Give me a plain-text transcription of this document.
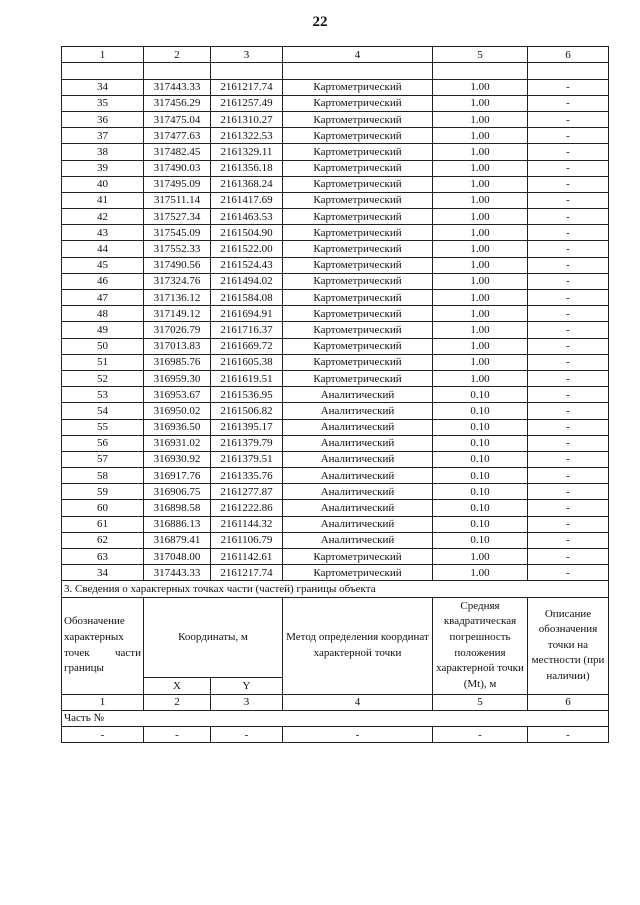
22
1	2	3	4	5	6

34	317443.33	2161217.74	Картометрический	1.00	-
35	317456.29	2161257.49	Картометрический	1.00	-
36	317475.04	2161310.27	Картометрический	1.00	-
37	317477.63	2161322.53	Картометрический	1.00	-
38	317482.45	2161329.11	Картометрический	1.00	-
39	317490.03	2161356.18	Картометрический	1.00	-
40	317495.09	2161368.24	Картометрический	1.00	-
41	317511.14	2161417.69	Картометрический	1.00	-
42	317527.34	2161463.53	Картометрический	1.00	-
43	317545.09	2161504.90	Картометрический	1.00	-
44	317552.33	2161522.00	Картометрический	1.00	-
45	317490.56	2161524.43	Картометрический	1.00	-
46	317324.76	2161494.02	Картометрический	1.00	-
47	317136.12	2161584.08	Картометрический	1.00	-
48	317149.12	2161694.91	Картометрический	1.00	-
49	317026.79	2161716.37	Картометрический	1.00	-
50	317013.83	2161669.72	Картометрический	1.00	-
51	316985.76	2161605.38	Картометрический	1.00	-
52	316959.30	2161619.51	Картометрический	1.00	-
53	316953.67	2161536.95	Аналитический	0.10	-
54	316950.02	2161506.82	Аналитический	0.10	-
55	316936.50	2161395.17	Аналитический	0.10	-
56	316931.02	2161379.79	Аналитический	0.10	-
57	316930.92	2161379.51	Аналитический	0.10	-
58	316917.76	2161335.76	Аналитический	0.10	-
59	316906.75	2161277.87	Аналитический	0.10	-
60	316898.58	2161222.86	Аналитический	0.10	-
61	316886.13	2161144.32	Аналитический	0.10	-
62	316879.41	2161106.79	Аналитический	0.10	-
63	317048.00	2161142.61	Картометрический	1.00	-
34	317443.33	2161217.74	Картометрический	1.00	-
3. Сведения о характерных точках части (частей) границы объекта					
Обозначение характерных точек части границы	Координаты, м		Метод определения координат характерной точки	Средняя квадратическая погрешность положения характерной точки (Mt), м	Описание обозначения точки на местности (при наличии)
	X	Y			
1	2	3	4	5	6
Часть №					
-	-	-	-	-	-
